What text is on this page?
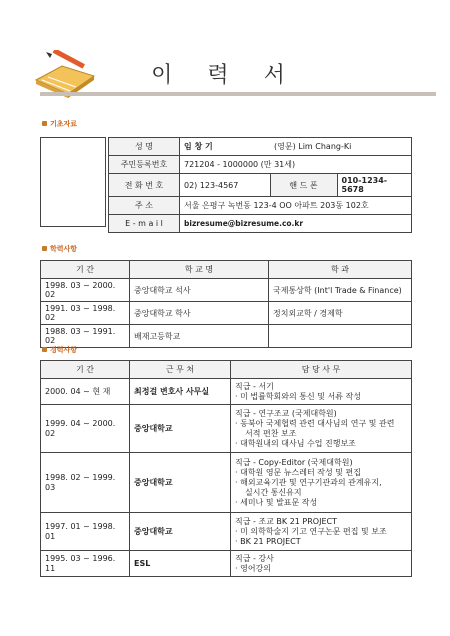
이 력 서
기초자료
성 명	임 창 기	(영문) Lim Chang-Ki	
주민등록번호	721204 - 1000000 (만 31세)		
전 화 번 호	02) 123-4567	핸 드 폰	010-1234-5678
주 소	서울 은평구 녹번동 123-4 OO 아파트 203동 102호		
E - m a i l	bizresume@bizresume.co.kr		
학력사항
기 간	학 교 명	학 과
1998. 03 ~ 2000. 02	중앙대학교 석사	국제통상학 (Int'l Trade & Finance)
1991. 03 ~ 1998. 02	중앙대학교 학사	정치외교학 / 경제학
1988. 03 ~ 1991. 02	배재고등학교	
경력사항
기 간	근 무 처	담 당 사 무
2000. 04 ~ 현 재	최정걸 변호사 사무실	직급 - 서기
· 미 법률학회와의 통신 및 서류 작성

1999. 04 ~ 2000. 02	중앙대학교	직급 - 연구조교 (국제대학원)
· 동북아 국제협력 관련 대사님의 연구 및 관련
서적 편찬 보조
· 대학원내의 대사님 수업 진행보조

1998. 02 ~ 1999. 03	중앙대학교	직급 - Copy-Editor (국제대학원)
· 대학원 영문 뉴스레터 작성 및 편집
· 해외교육기관 및 연구기관과의 관계유지,
실시간 통신유지
· 세미나 및 발표문 작성

1997. 01 ~ 1998. 01	중앙대학교	직급 - 조교 BK 21 PROJECT
· 미 의학학술지 기고 연구논문 편집 및 보조
· BK 21 PROJECT

1995. 03 ~ 1996. 11	ESL	직급 - 강사
· 영어강의
